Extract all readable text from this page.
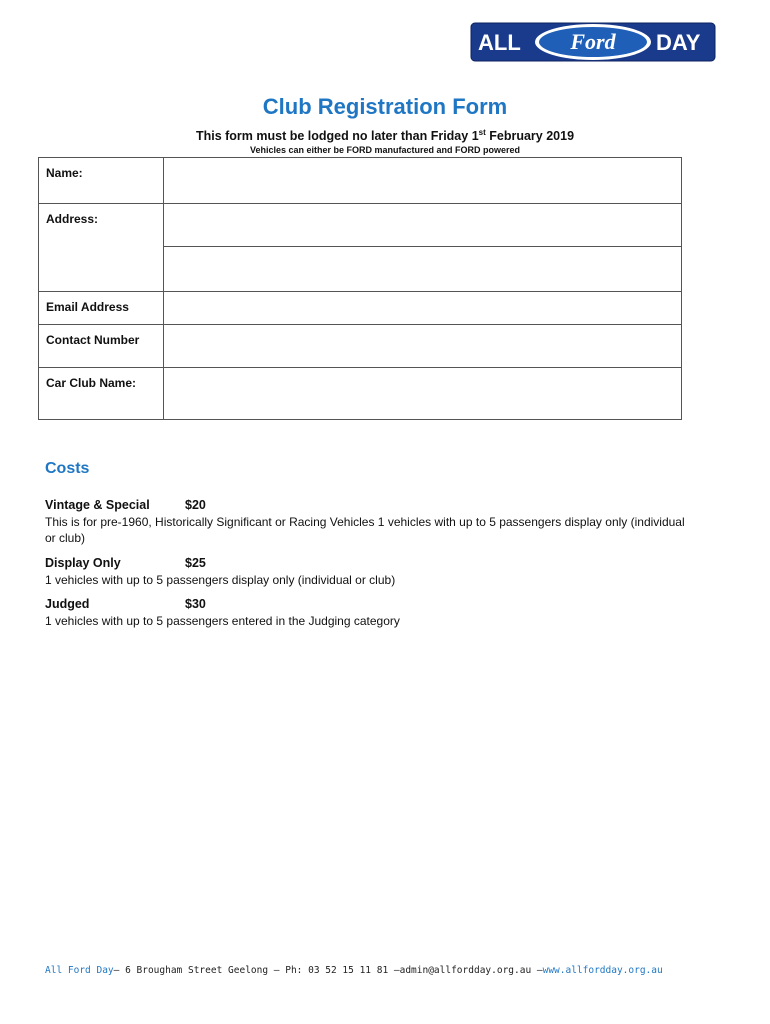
ALL Ford DAY
Club Registration Form
This form must be lodged no later than Friday 1st February 2019
Vehicles can either be FORD manufactured and FORD powered
Name:	

Address:	

Email Address	

Contact Number	

Car Club Name:	
Costs
Vintage & Special	$20
This is for pre-1960, Historically Significant or Racing Vehicles 1 vehicles with up to 5 passengers display only (individual or club)
Display Only	$25
1 vehicles with up to 5 passengers display only (individual or club)
Judged	$30
1 vehicles with up to 5 passengers entered in the Judging category
All Ford Day– 6 Brougham Street Geelong – Ph: 03 52 15 11 81 –admin@allfordday.org.au –www.allfordday.org.au
